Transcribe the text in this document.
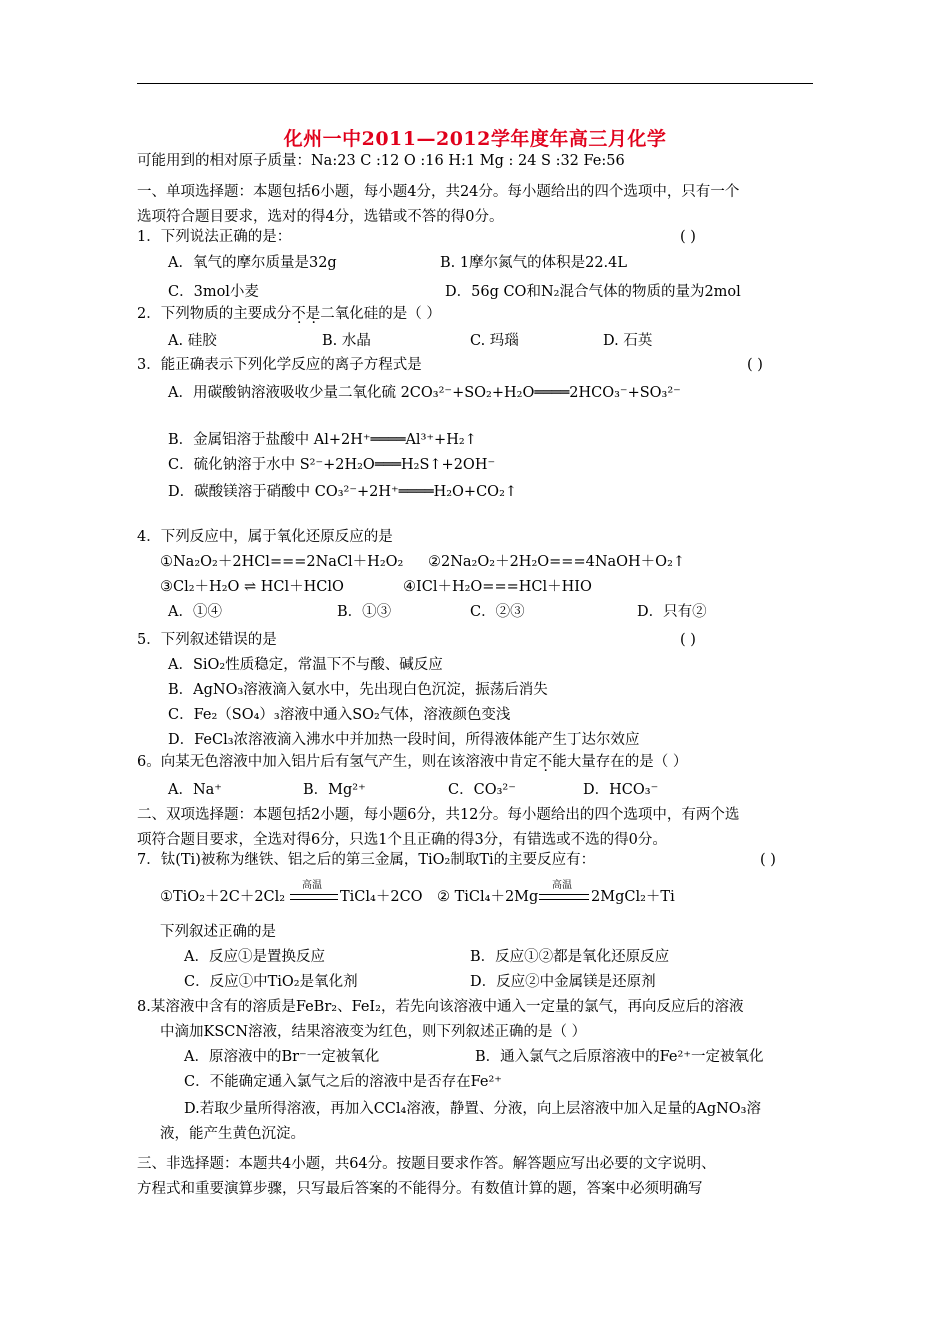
化州一中2011—2012学年度年高三月化学
可能用到的相对原子质量：Na:23 C :12 O :16 H:1 Mg : 24 S :32 Fe:56
一、单项选择题：本题包括6小题，每小题4分，共24分。每小题给出的四个选项中，只有一个
选项符合题目要求，选对的得4分，选错或不答的得0分。
1．下列说法正确的是：	( )
A．氧气的摩尔质量是32g	B. 1摩尔氮气的体积是22.4L
C．3mol小麦	D．56g CO和N₂混合气体的物质的量为2mol
2．下列物质的主要成分不是二氧化硅的是（ ）
A. 硅胶	B. 水晶	C. 玛瑙	D. 石英
3．能正确表示下列化学反应的离子方程式是	( )
A．用碳酸钠溶液吸收少量二氧化硫 2CO₃²⁻+SO₂+H₂O════2HCO₃⁻+SO₃²⁻
B．金属铝溶于盐酸中 Al+2H⁺════Al³⁺+H₂↑
C．硫化钠溶于水中 S²⁻+2H₂O═══H₂S↑+2OH⁻
D．碳酸镁溶于硝酸中 CO₃²⁻+2H⁺════H₂O+CO₂↑
4．下列反应中，属于氧化还原反应的是
①Na₂O₂＋2HCl===2NaCl＋H₂O₂ ②2Na₂O₂＋2H₂O===4NaOH＋O₂↑
③Cl₂＋H₂O ⇌ HCl＋HClO	④ICl＋H₂O===HCl＋HIO
A．①④	B．①③	C．②③	D．只有②
5．下列叙述错误的是	( )
A．SiO₂性质稳定，常温下不与酸、碱反应
B．AgNO₃溶液滴入氨水中，先出现白色沉淀，振荡后消失
C．Fe₂（SO₄）₃溶液中通入SO₂气体，溶液颜色变浅
D．FeCl₃浓溶液滴入沸水中并加热一段时间，所得液体能产生丁达尔效应
6。向某无色溶液中加入铝片后有氢气产生，则在该溶液中肯定不能大量存在的是（ ）
A．Na⁺	B．Mg²⁺	C．CO₃²⁻	D．HCO₃⁻
二、双项选择题：本题包括2小题，每小题6分，共12分。每小题给出的四个选项中，有两个选
项符合题目要求，全选对得6分，只选1个且正确的得3分，有错选或不选的得0分。
7．钛(Ti)被称为继铁、铝之后的第三金属，TiO₂制取Ti的主要反应有：	( )
①TiO₂＋2C＋2Cl₂
高温
TiCl₄＋2CO ② TiCl₄＋2Mg
高温
2MgCl₂＋Ti
下列叙述正确的是
A．反应①是置换反应	B．反应①②都是氧化还原反应
C．反应①中TiO₂是氧化剂	D．反应②中金属镁是还原剂
8.某溶液中含有的溶质是FeBr₂、FeI₂，若先向该溶液中通入一定量的氯气，再向反应后的溶液
中滴加KSCN溶液，结果溶液变为红色，则下列叙述正确的是（ ）
A．原溶液中的Br⁻一定被氧化	B．通入氯气之后原溶液中的Fe²⁺一定被氧化
C．不能确定通入氯气之后的溶液中是否存在Fe²⁺
D.若取少量所得溶液，再加入CCl₄溶液，静置、分液，向上层溶液中加入足量的AgNO₃溶
液，能产生黄色沉淀。
三、非选择题：本题共4小题，共64分。按题目要求作答。解答题应写出必要的文字说明、
方程式和重要演算步骤，只写最后答案的不能得分。有数值计算的题，答案中必须明确写
